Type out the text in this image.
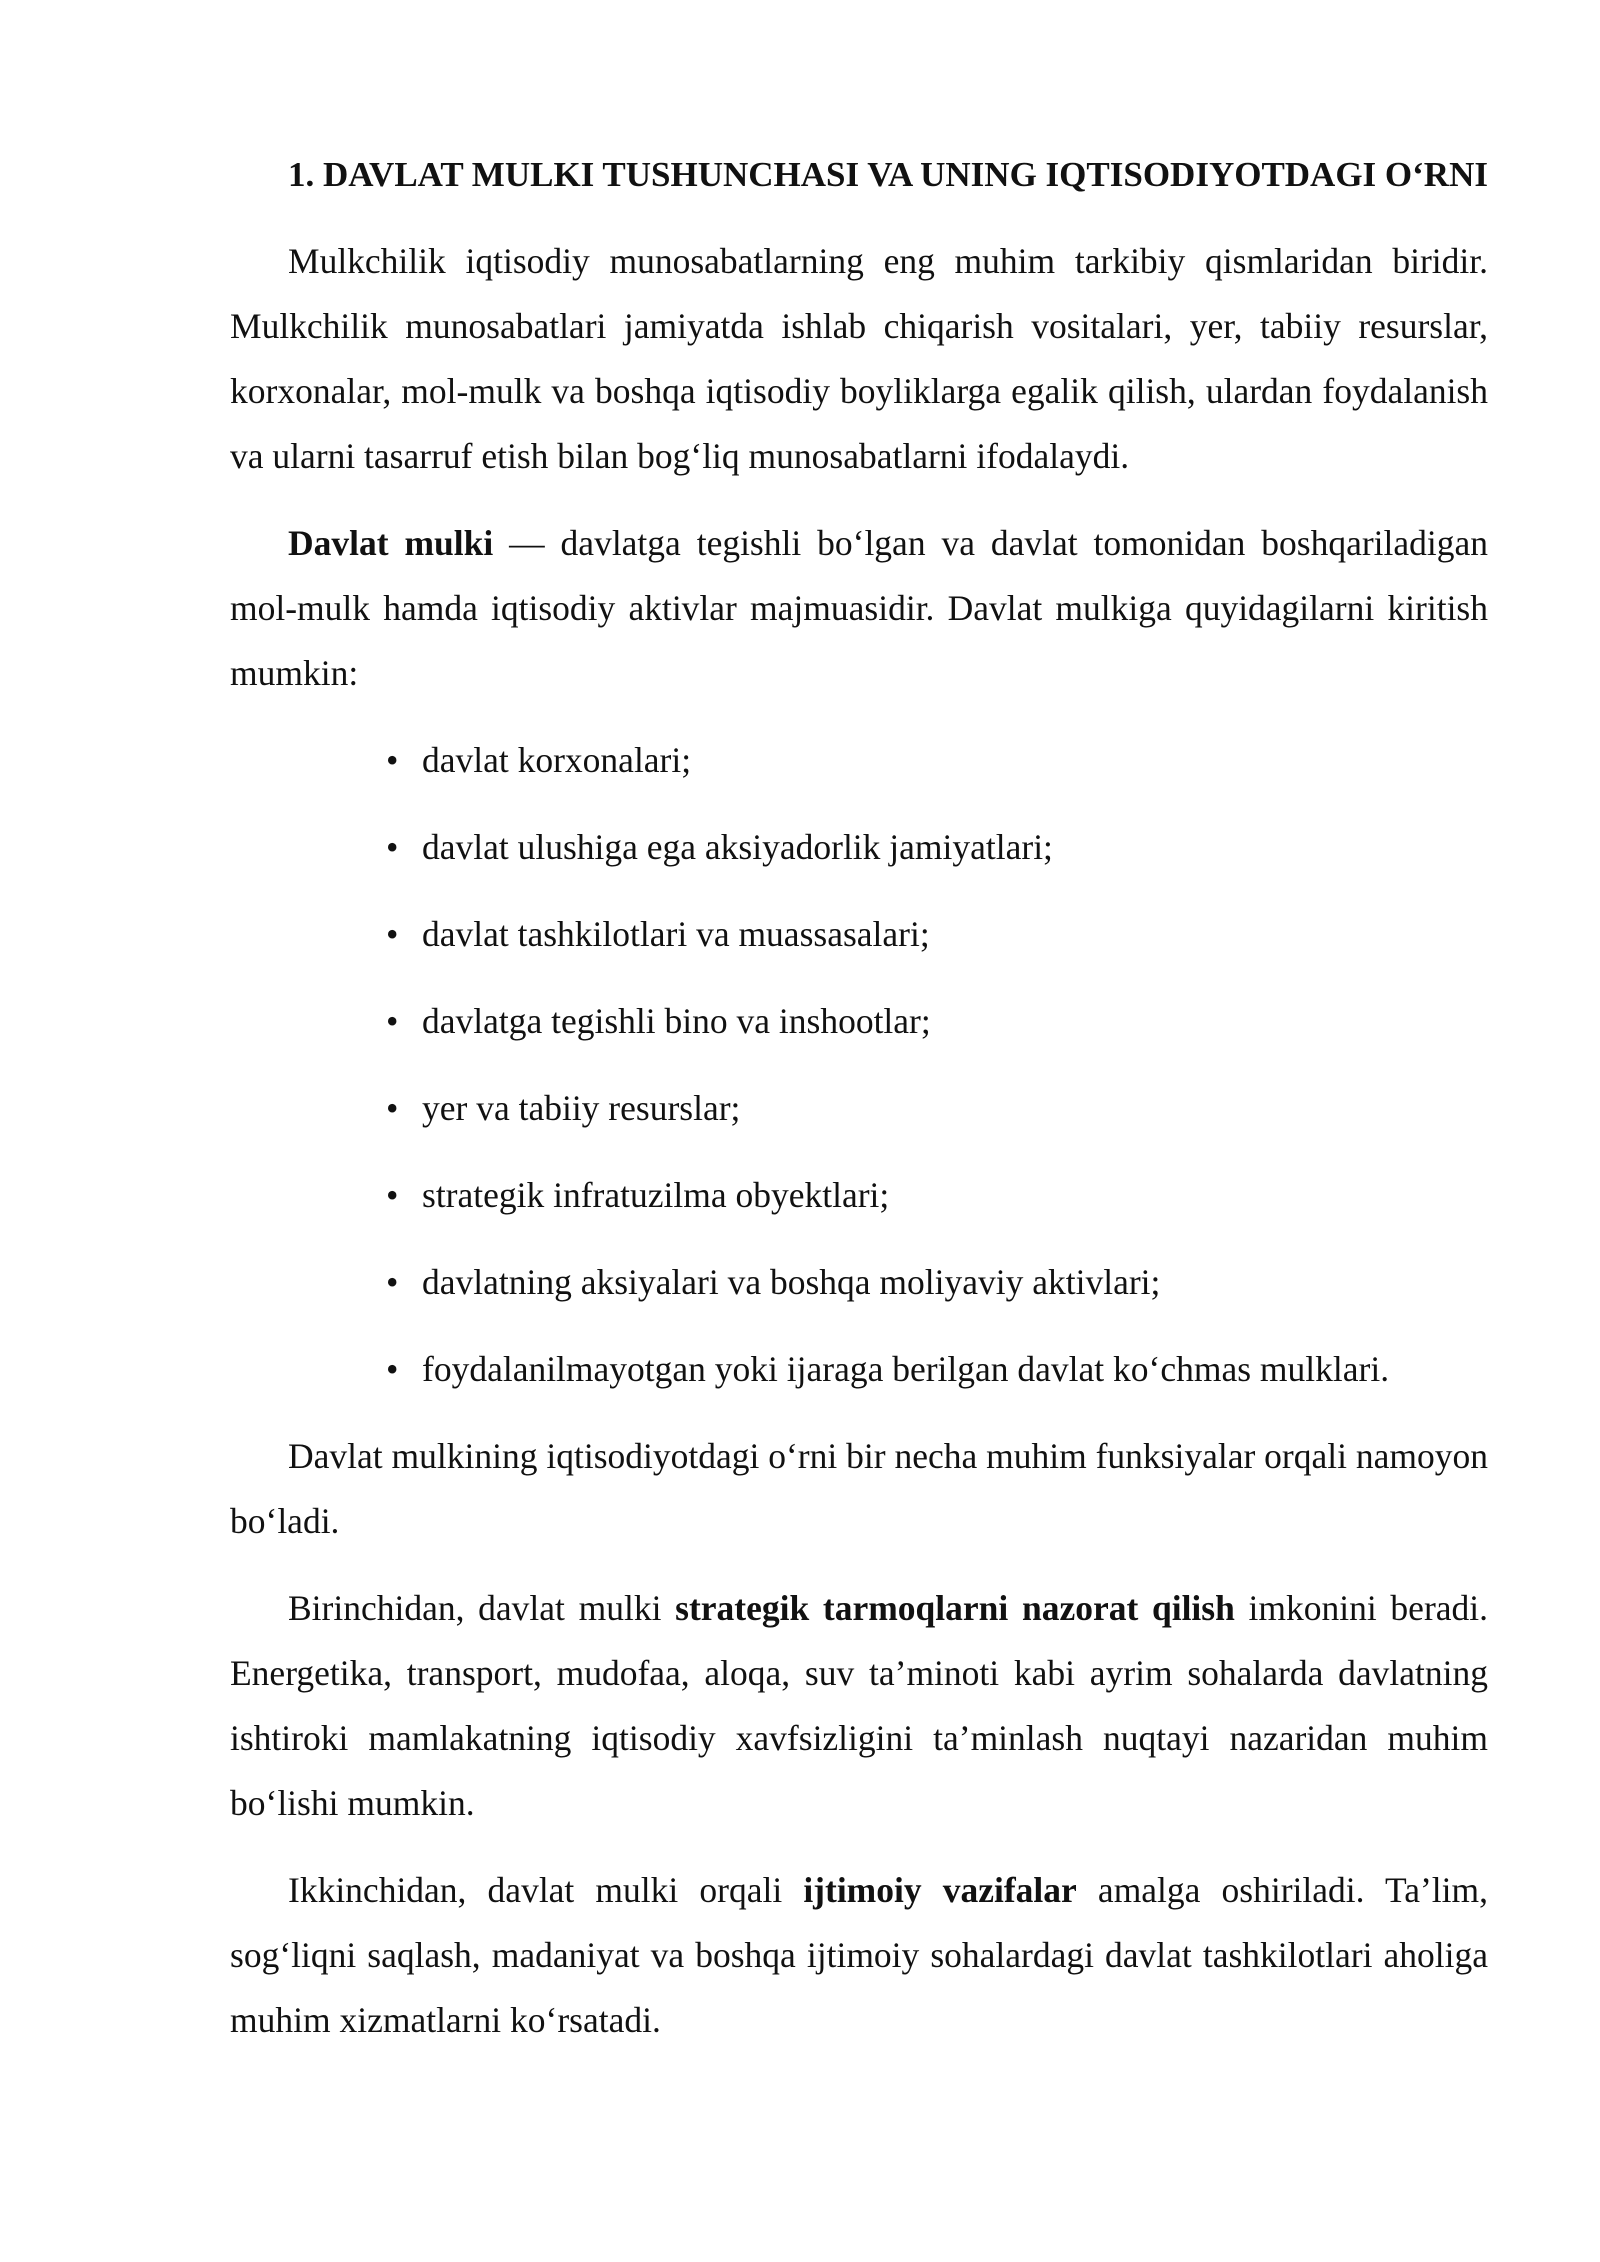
1. DAVLAT MULKI TUSHUNCHASI VA UNING IQTISODIYOTDAGI O‘RNI

Mulkchilik iqtisodiy munosabatlarning eng muhim tarkibiy qismlaridan biridir. Mulkchilik munosabatlari jamiyatda ishlab chiqarish vositalari, yer, tabiiy resurslar, korxonalar, mol-mulk va boshqa iqtisodiy boyliklarga egalik qilish, ulardan foydalanish va ularni tasarruf etish bilan bog‘liq munosabatlarni ifodalaydi.

Davlat mulki — davlatga tegishli bo‘lgan va davlat tomonidan boshqariladigan mol-mulk hamda iqtisodiy aktivlar majmuasidir. Davlat mulkiga quyidagilarni kiritish mumkin:

• davlat korxonalari;
• davlat ulushiga ega aksiyadorlik jamiyatlari;
• davlat tashkilotlari va muassasalari;
• davlatga tegishli bino va inshootlar;
• yer va tabiiy resurslar;
• strategik infratuzilma obyektlari;
• davlatning aksiyalari va boshqa moliyaviy aktivlari;
• foydalanilmayotgan yoki ijaraga berilgan davlat ko‘chmas mulklari.

Davlat mulkining iqtisodiyotdagi o‘rni bir necha muhim funksiyalar orqali namoyon bo‘ladi.

Birinchidan, davlat mulki strategik tarmoqlarni nazorat qilish imkonini beradi. Energetika, transport, mudofaa, aloqa, suv ta’minoti kabi ayrim sohalarda davlatning ishtiroki mamlakatning iqtisodiy xavfsizligini ta’minlash nuqtayi nazaridan muhim bo‘lishi mumkin.

Ikkinchidan, davlat mulki orqali ijtimoiy vazifalar amalga oshiriladi. Ta’lim, sog‘liqni saqlash, madaniyat va boshqa ijtimoiy sohalardagi davlat tashkilotlari aholiga muhim xizmatlarni ko‘rsatadi.
